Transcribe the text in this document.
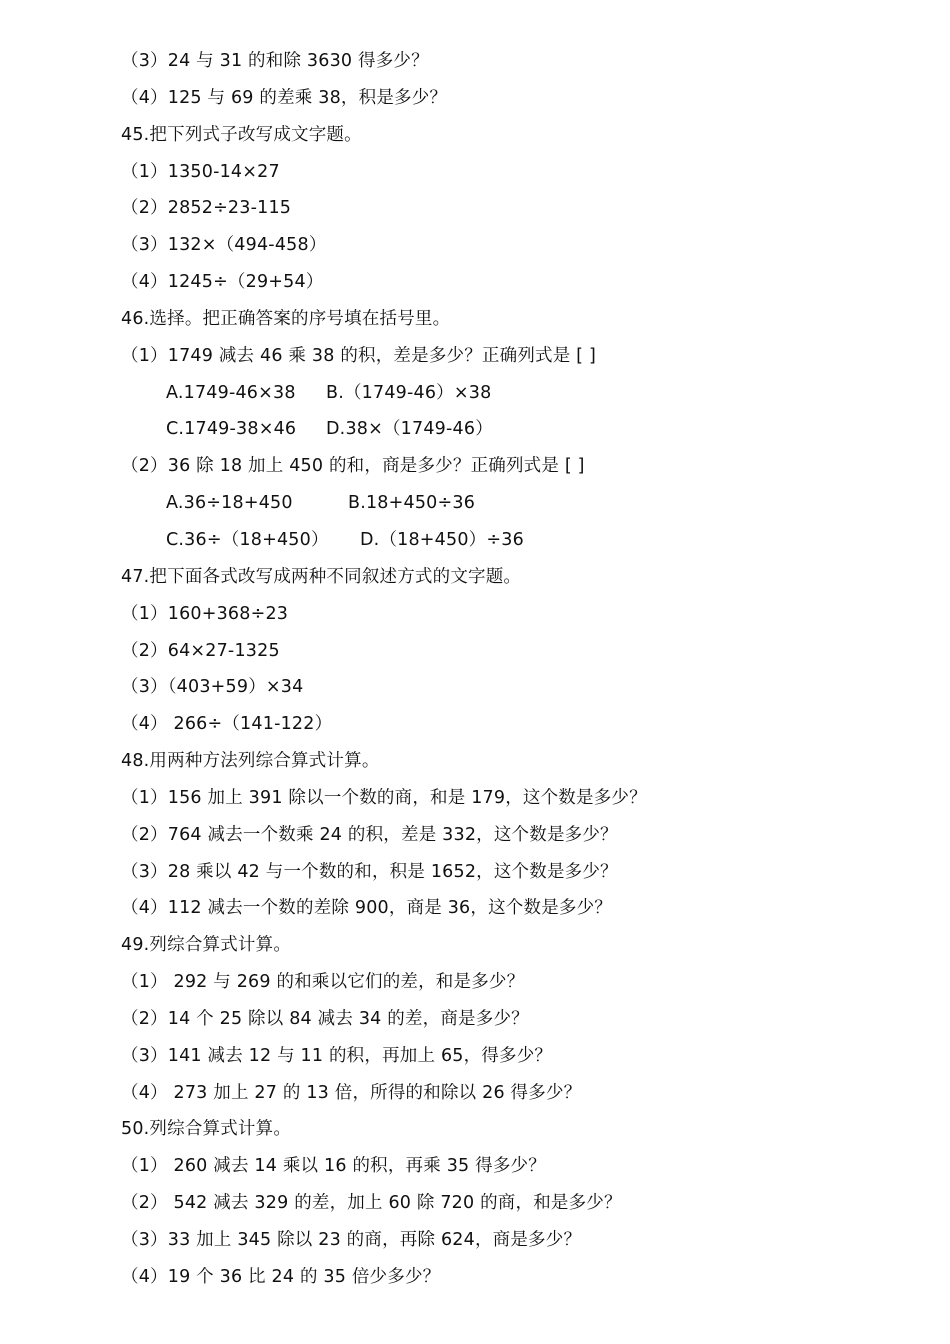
（3）24 与 31 的和除 3630 得多少？
（4）125 与 69 的差乘 38，积是多少？
45.把下列式子改写成文字题。
（1）1350-14×27
（2）2852÷23-115
（3）132×（494-458）
（4）1245÷（29+54）
46.选择。把正确答案的序号填在括号里。
（1）1749 减去 46 乘 38 的积，差是多少？正确列式是 [ ]
A.1749-46×38	B.（1749-46）×38
C.1749-38×46	D.38×（1749-46）
（2）36 除 18 加上 450 的和，商是多少？正确列式是 [ ]
A.36÷18+450	B.18+450÷36
C.36÷（18+450）	D.（18+450）÷36
47.把下面各式改写成两种不同叙述方式的文字题。
（1）160+368÷23
（2）64×27-1325
（3）（403+59）×34
（4） 266÷（141-122）
48.用两种方法列综合算式计算。
（1）156 加上 391 除以一个数的商，和是 179，这个数是多少？
（2）764 减去一个数乘 24 的积，差是 332，这个数是多少？
（3）28 乘以 42 与一个数的和，积是 1652，这个数是多少？
（4）112 减去一个数的差除 900，商是 36，这个数是多少？
49.列综合算式计算。
（1） 292 与 269 的和乘以它们的差，和是多少？
（2）14 个 25 除以 84 减去 34 的差，商是多少？
（3）141 减去 12 与 11 的积，再加上 65，得多少？
（4） 273 加上 27 的 13 倍，所得的和除以 26 得多少？
50.列综合算式计算。
（1） 260 减去 14 乘以 16 的积，再乘 35 得多少？
（2） 542 减去 329 的差，加上 60 除 720 的商，和是多少？
（3）33 加上 345 除以 23 的商，再除 624，商是多少？
（4）19 个 36 比 24 的 35 倍少多少？
